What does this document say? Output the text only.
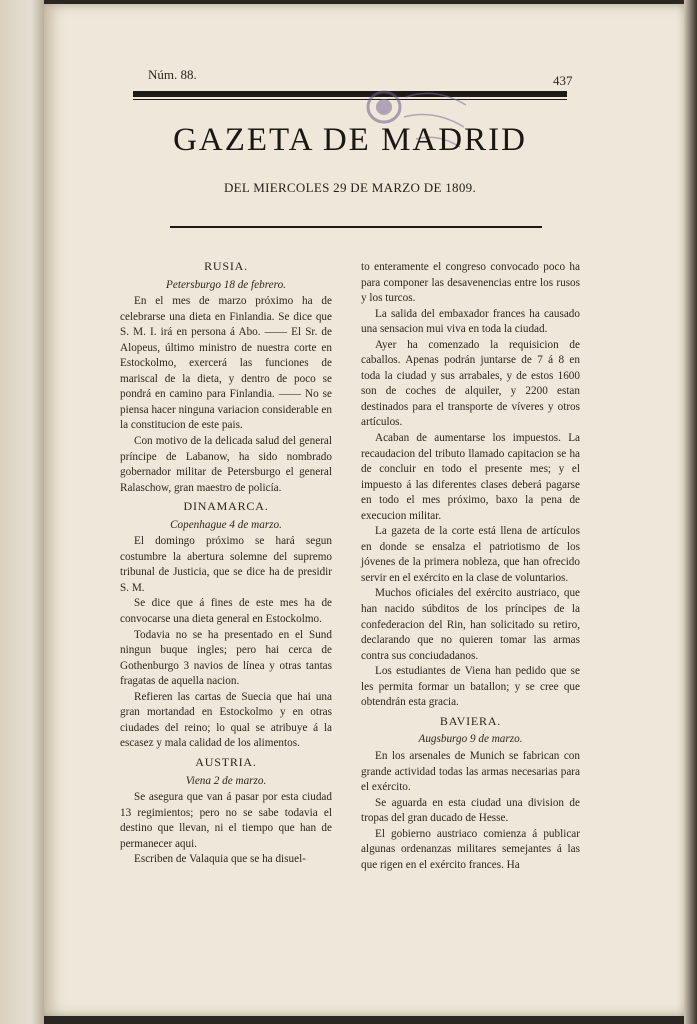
Núm. 88.	437
GAZETA DE MADRID
DEL MIERCOLES 29 DE MARZO DE 1809.
RUSIA.
Petersburgo 18 de febrero.

En el mes de marzo próximo ha de celebrarse una dieta en Finlandia. Se dice que S. M. I. irá en persona á Abo. —— El Sr. de Alopeus, último ministro de nuestra corte en Estockolmo, exercerá las funciones de mariscal de la dieta, y dentro de poco se pondrá en camino para Finlandia. —— No se piensa hacer ninguna variacion considerable en la constitucion de este pais.

Con motivo de la delicada salud del general príncipe de Labanow, ha sido nombrado gobernador militar de Petersburgo el general Ralaschow, gran maestro de policía.

DINAMARCA.
Copenhague 4 de marzo.

El domingo próximo se hará segun costumbre la abertura solemne del supremo tribunal de Justicia, que se dice ha de presidir S. M.

Se dice que á fines de este mes ha de convocarse una dieta general en Estockolmo.

Todavia no se ha presentado en el Sund ningun buque ingles; pero hai cerca de Gothenburgo 3 navios de línea y otras tantas fragatas de aquella nacion.

Refieren las cartas de Suecia que hai una gran mortandad en Estockolmo y en otras ciudades del reino; lo qual se atribuye á la escasez y mala calidad de los alimentos.

AUSTRIA.
Viena 2 de marzo.

Se asegura que van á pasar por esta ciudad 13 regimientos; pero no se sabe todavia el destino que llevan, ni el tiempo que han de permanecer aqui.

Escriben de Valaquia que se ha disuel-

to enteramente el congreso convocado poco ha para componer las desavenencias entre los rusos y los turcos.

La salida del embaxador frances ha causado una sensacion mui viva en toda la ciudad.

Ayer ha comenzado la requisicion de caballos. Apenas podrán juntarse de 7 á 8 en toda la ciudad y sus arrabales, y de estos 1600 son de coches de alquiler, y 2200 estan destinados para el transporte de víveres y otros artículos.

Acaban de aumentarse los impuestos. La recaudacion del tributo llamado capitacion se ha de concluir en todo el presente mes; y el impuesto á las diferentes clases deberá pagarse en todo el mes próximo, baxo la pena de execucion militar.

La gazeta de la corte está llena de artículos en donde se ensalza el patriotismo de los jóvenes de la primera nobleza, que han ofrecido servir en el exército en la clase de voluntarios.

Muchos oficiales del exército austriaco, que han nacido súbditos de los príncipes de la confederacion del Rin, han solicitado su retiro, declarando que no quieren tomar las armas contra sus conciudadanos.

Los estudiantes de Viena han pedido que se les permita formar un batallon; y se cree que obtendrán esta gracia.

BAVIERA.
Augsburgo 9 de marzo.

En los arsenales de Munich se fabrican con grande actividad todas las armas necesarias para el exército.

Se aguarda en esta ciudad una division de tropas del gran ducado de Hesse.

El gobierno austriaco comienza á publicar algunas ordenanzas militares semejantes á las que rigen en el exército frances. Ha
